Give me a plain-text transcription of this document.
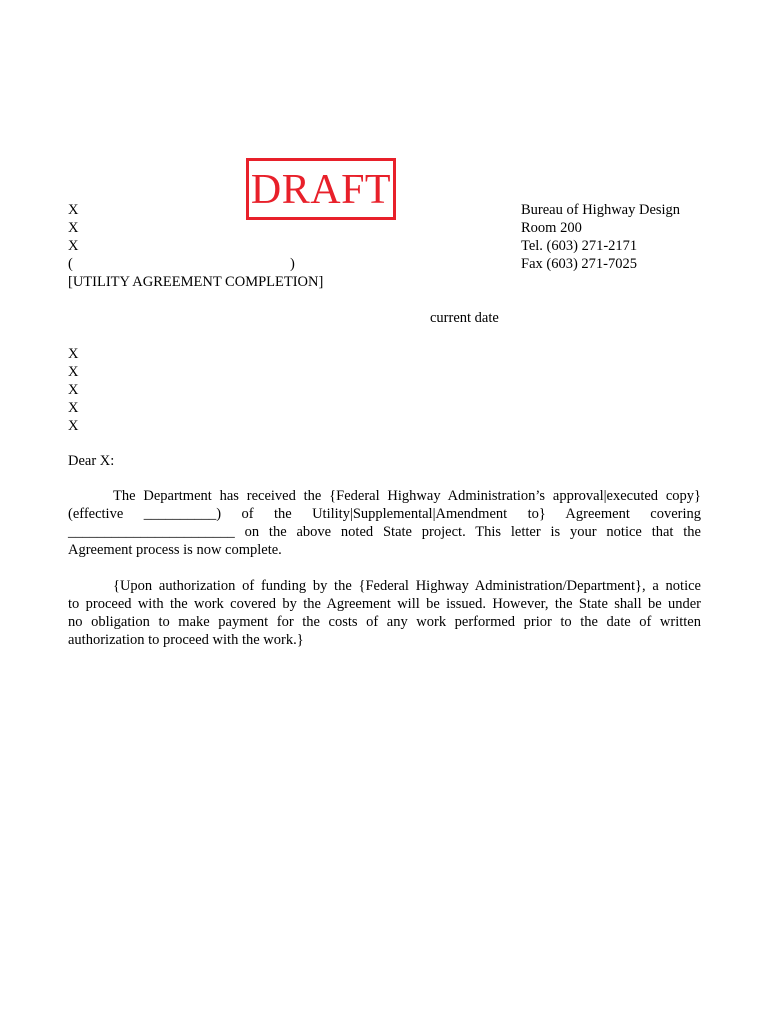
DRAFT
X
X
X

(

	)

[UTILITY AGREEMENT COMPLETION]
Bureau of Highway Design
Room 200
Tel. (603) 271-2171
Fax (603) 271-7025
current date
X
X
X
X
X
Dear X:
The Department has received the {Federal Highway Administration’s approval|executed copy}
(effective __________) of the Utility|Supplemental|Amendment to} Agreement covering
_______________________ on the above noted State project. This letter is your notice that the
Agreement process is now complete.
{Upon authorization of funding by the {Federal Highway Administration/Department}, a notice
to proceed with the work covered by the Agreement will be issued. However, the State shall be under
no obligation to make payment for the costs of any work performed prior to the date of written
authorization to proceed with the work.}
